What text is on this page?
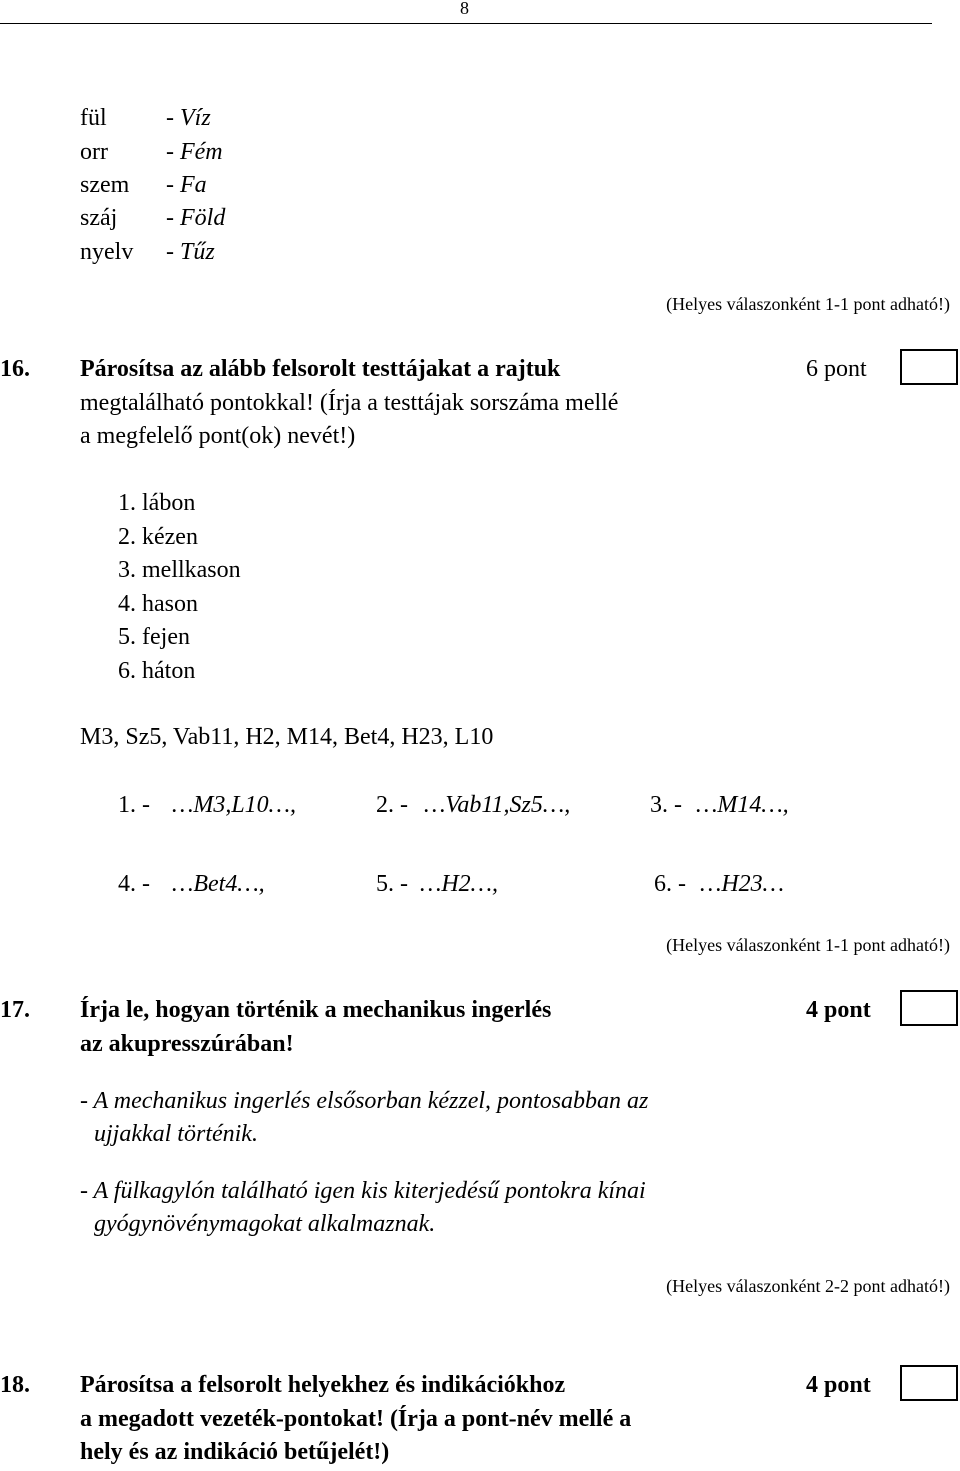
8
fül - Víz
orr - Fém
szem - Fa
száj - Föld
nyelv - Tűz
(Helyes válaszonként 1-1 pont adható!)
16. Párosítsa az alább felsorolt testtájakat a rajtuk
megtalálható pontokkal! (Írja a testtájak sorszáma mellé
a megfelelő pont(ok) nevét!)
6 pont
1. lábon
2. kézen
3. mellkason
4. hason
5. fejen
6. háton
M3, Sz5, Vab11, H2, M14, Bet4, H23, L10
1. - …M3,L10…,	2. - …Vab11,Sz5…,	3. - …M14…,
4. - …Bet4…,	5. - …H2…,	6. - …H23…
(Helyes válaszonként 1-1 pont adható!)
17. Írja le, hogyan történik a mechanikus ingerlés
az akupresszúrában!
4 pont
- A mechanikus ingerlés elsősorban kézzel, pontosabban az
ujjakkal történik.
- A fülkagylón található igen kis kiterjedésű pontokra kínai
gyógynövénymagokat alkalmaznak.
(Helyes válaszonként 2-2 pont adható!)
18. Párosítsa a felsorolt helyekhez és indikációkhoz
a megadott vezeték-pontokat! (Írja a pont-név mellé a
hely és az indikáció betűjelét!)
4 pont
